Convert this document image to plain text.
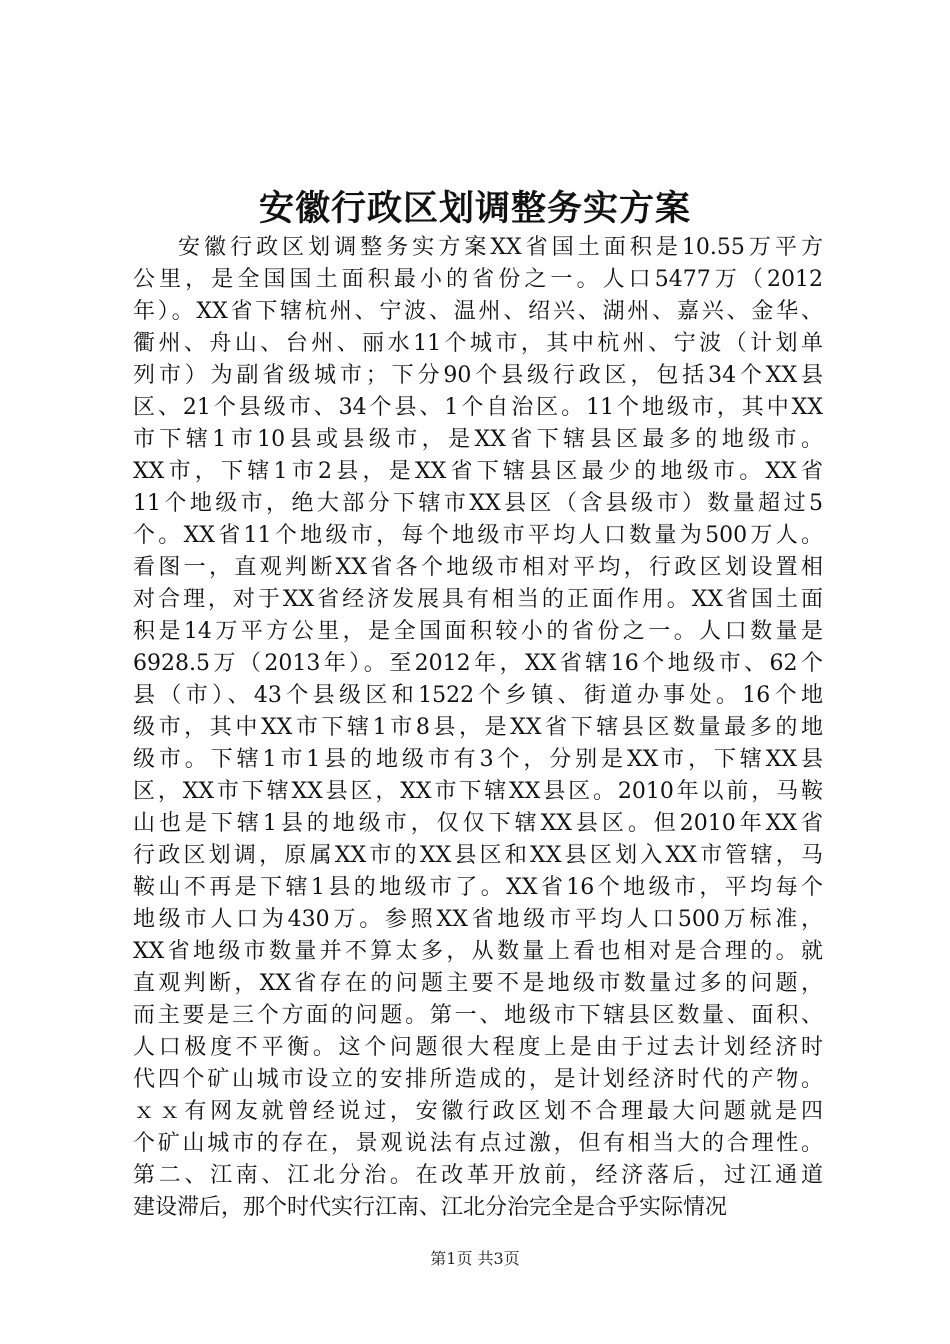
安徽行政区划调整务实方案
安徽行政区划调整务实方案XX省国土面积是10.55万平方
公里，是全国国土面积最小的省份之一。人口5477万（2012
年）。XX省下辖杭州、宁波、温州、绍兴、湖州、嘉兴、金华、
衢州、舟山、台州、丽水11个城市，其中杭州、宁波（计划单
列市）为副省级城市；下分90个县级行政区，包括34个XX县
区、21个县级市、34个县、1个自治区。11个地级市，其中XX
市下辖1市10县或县级市，是XX省下辖县区最多的地级市。
XX市，下辖1市2县，是XX省下辖县区最少的地级市。XX省
11个地级市，绝大部分下辖市XX县区（含县级市）数量超过5
个。XX省11个地级市，每个地级市平均人口数量为500万人。
看图一，直观判断XX省各个地级市相对平均，行政区划设置相
对合理，对于XX省经济发展具有相当的正面作用。XX省国土面
积是14万平方公里，是全国面积较小的省份之一。人口数量是
6928.5万（2013年）。至2012年，XX省辖16个地级市、62个
县（市）、43个县级区和1522个乡镇、街道办事处。16个地
级市，其中XX市下辖1市8县，是XX省下辖县区数量最多的地
级市。下辖1市1县的地级市有3个，分别是XX市，下辖XX县
区，XX市下辖XX县区，XX市下辖XX县区。2010年以前，马鞍
山也是下辖1县的地级市，仅仅下辖XX县区。但2010年XX省
行政区划调，原属XX市的XX县区和XX县区划入XX市管辖，马
鞍山不再是下辖1县的地级市了。XX省16个地级市，平均每个
地级市人口为430万。参照XX省地级市平均人口500万标准，
XX省地级市数量并不算太多，从数量上看也相对是合理的。就
直观判断，XX省存在的问题主要不是地级市数量过多的问题，
而主要是三个方面的问题。第一、地级市下辖县区数量、面积、
人口极度不平衡。这个问题很大程度上是由于过去计划经济时
代四个矿山城市设立的安排所造成的，是计划经济时代的产物。
ｘｘ有网友就曾经说过，安徽行政区划不合理最大问题就是四
个矿山城市的存在，景观说法有点过激，但有相当大的合理性。
第二、江南、江北分治。在改革开放前，经济落后，过江通道
建设滞后，那个时代实行江南、江北分治完全是合乎实际情况
第1页 共3页
